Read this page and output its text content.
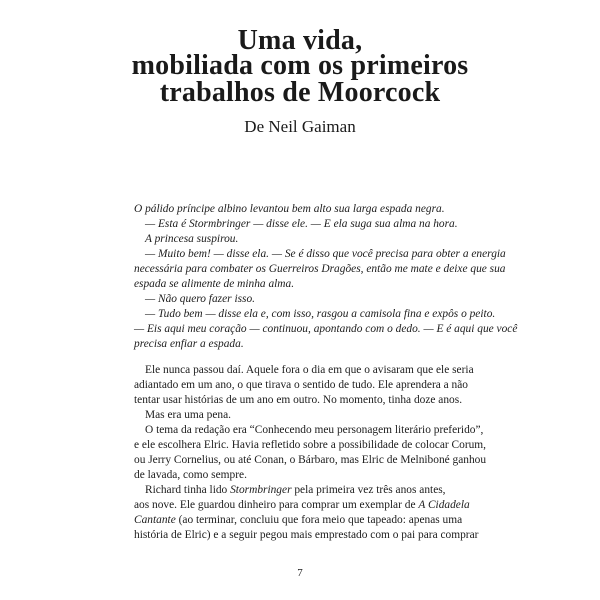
Uma vida,
mobiliada com os primeiros
trabalhos de Moorcock
De Neil Gaiman
O pálido príncipe albino levantou bem alto sua larga espada negra.
— Esta é Stormbringer — disse ele. — E ela suga sua alma na hora.
A princesa suspirou.
— Muito bem! — disse ela. — Se é disso que você precisa para obter a energia
necessária para combater os Guerreiros Dragões, então me mate e deixe que sua
espada se alimente de minha alma.
— Não quero fazer isso.
— Tudo bem — disse ela e, com isso, rasgou a camisola fina e expôs o peito.
— Eis aqui meu coração — continuou, apontando com o dedo. — E é aqui que você
precisa enfiar a espada.
Ele nunca passou daí. Aquele fora o dia em que o avisaram que ele seria
adiantado em um ano, o que tirava o sentido de tudo. Ele aprendera a não
tentar usar histórias de um ano em outro. No momento, tinha doze anos.
Mas era uma pena.
O tema da redação era “Conhecendo meu personagem literário preferido”,
e ele escolhera Elric. Havia refletido sobre a possibilidade de colocar Corum,
ou Jerry Cornelius, ou até Conan, o Bárbaro, mas Elric de Melniboné ganhou
de lavada, como sempre.
Richard tinha lido Stormbringer pela primeira vez três anos antes,
aos nove. Ele guardou dinheiro para comprar um exemplar de A Cidadela
Cantante (ao terminar, concluiu que fora meio que tapeado: apenas uma
história de Elric) e a seguir pegou mais emprestado com o pai para comprar
7
